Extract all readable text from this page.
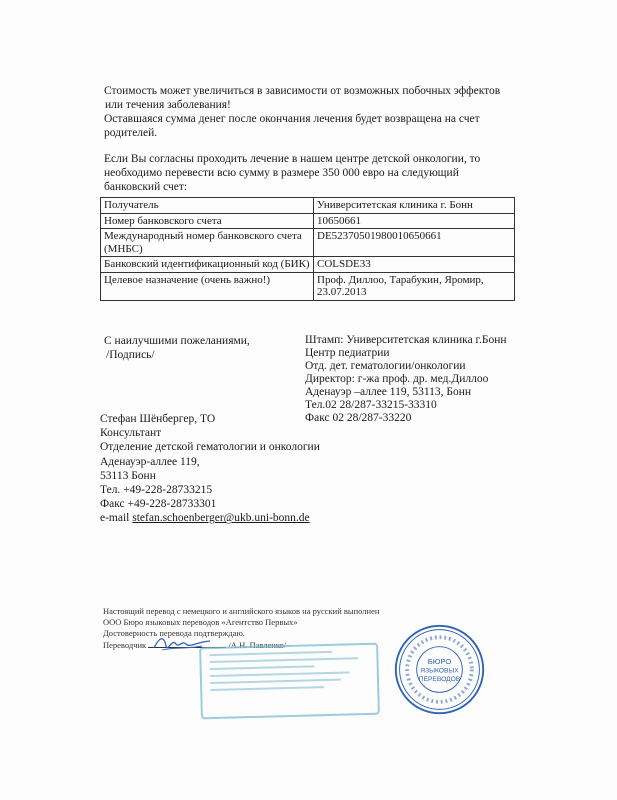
Стоимость может увеличиться в зависимости от возможных побочных эффектов
или течения заболевания!
Оставшаяся сумма денег после окончания лечения будет возвращена на счет
родителей.
Если Вы согласны проходить лечение в нашем центре детской онкологии, то
необходимо перевести всю сумму в размере 350 000 евро на следующий
банковский счет:
Получатель	Университетская клиника г. Бонн
Номер банковского счета	10650661
Международный номер банковского счета (МНБС)	DE52370501980010650661
Банковский идентификационный код (БИК)	COLSDE33
Целевое назначение (очень важно!)	Проф. Диллоо, Тарабукин, Яромир, 23.07.2013
С наилучшими пожеланиями,
/Подпись/
Штамп: Университетская клиника г.Бонн
Центр педиатрии
Отд. дет. гематологии/онкологии
Директор: г-жа проф. др. мед.Диллоо
Аденауэр –аллее 119, 53113, Бонн
Тел.02 28/287-33215-33310
Факс 02 28/287-33220
Стефан Шёнбергер, ТО
Консультант
Отделение детской гематологии и онкологии
Аденауэр-аллее 119,
53113 Бонн
Тел. +49-228-28733215
Факс +49-228-28733301
e-mail stefan.schoenberger@ukb.uni-bonn.de
Настоящий перевод с немецкого и английского языков на русский выполнен
ООО Бюро языковых переводов «Агентство Первых»
Достоверность перевода подтверждаю.
Переводчик	/А.Н. Павленко/
БЮРО
ЯЗЫКОВЫХ
ПЕРЕВОДОВ
